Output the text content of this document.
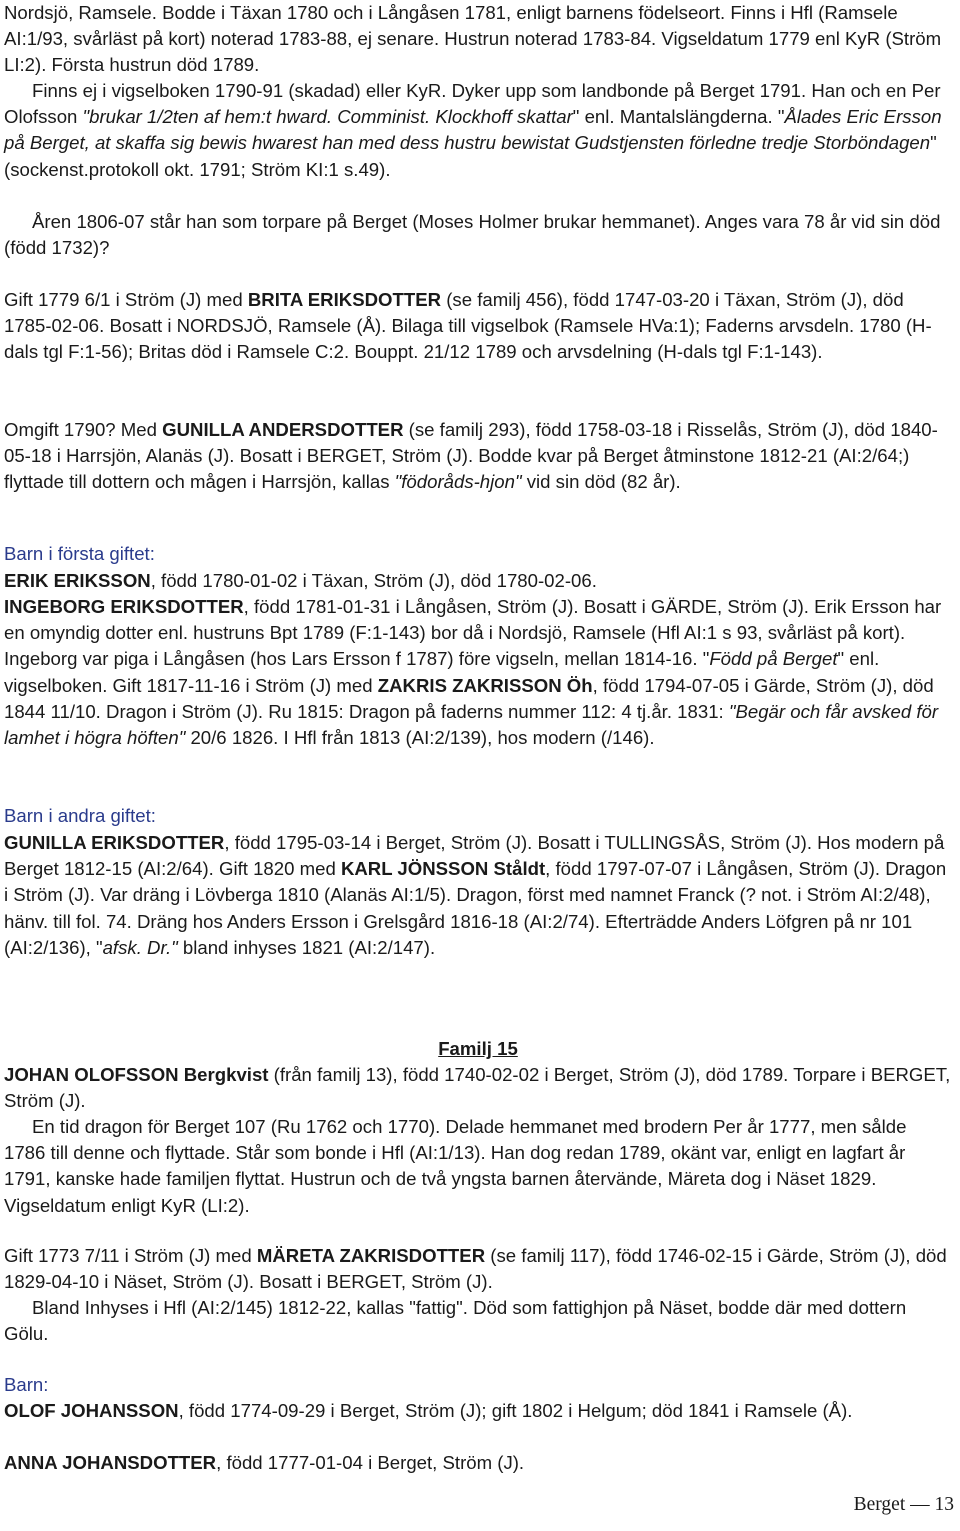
Nordsjö, Ramsele. Bodde i Täxan 1780 och i Långåsen 1781, enligt barnens födelseort. Finns i Hfl (Ramsele AI:1/93, svårläst på kort) noterad 1783-88, ej senare. Hustrun noterad 1783-84. Vigseldatum 1779 enl KyR (Ström LI:2). Första hustrun död 1789.

Finns ej i vigselboken 1790-91 (skadad) eller KyR. Dyker upp som landbonde på Berget 1791. Han och en Per Olofsson "brukar 1/2ten af hem:t hward. Comminist. Klockhoff skattar" enl. Mantalslängderna. "Ålades Eric Ersson på Berget, at skaffa sig bewis hwarest han med dess hustru bewistat Gudstjensten förledne tredje Storböndagen" (sockenst.protokoll okt. 1791; Ström KI:1 s.49).

Åren 1806-07 står han som torpare på Berget (Moses Holmer brukar hemmanet). Anges vara 78 år vid sin död (född 1732)?

Gift 1779 6/1 i Ström (J) med BRITA ERIKSDOTTER (se familj 456), född 1747-03-20 i Täxan, Ström (J), död 1785-02-06. Bosatt i NORDSJÖ, Ramsele (Å). Bilaga till vigselbok (Ramsele HVa:1); Faderns arvsdeln. 1780 (H-dals tgl F:1-56); Britas död i Ramsele C:2. Bouppt. 21/12 1789 och arvsdelning (H-dals tgl F:1-143).

Omgift 1790? Med GUNILLA ANDERSDOTTER (se familj 293), född 1758-03-18 i Risselås, Ström (J), död 1840-05-18 i Harrsjön, Alanäs (J). Bosatt i BERGET, Ström (J). Bodde kvar på Berget åtminstone 1812-21 (AI:2/64;) flyttade till dottern och mågen i Harrsjön, kallas "födoråds-hjon" vid sin död (82 år).

Barn i första giftet:

ERIK ERIKSSON, född 1780-01-02 i Täxan, Ström (J), död 1780-02-06.

INGEBORG ERIKSDOTTER, född 1781-01-31 i Långåsen, Ström (J). Bosatt i GÄRDE, Ström (J). Erik Ersson har en omyndig dotter enl. hustruns Bpt 1789 (F:1-143) bor då i Nordsjö, Ramsele (Hfl AI:1 s 93, svårläst på kort). Ingeborg var piga i Långåsen (hos Lars Ersson f 1787) före vigseln, mellan 1814-16. "Född på Berget" enl. vigselboken. Gift 1817-11-16 i Ström (J) med ZAKRIS ZAKRISSON Öh, född 1794-07-05 i Gärde, Ström (J), död 1844 11/10. Dragon i Ström (J). Ru 1815: Dragon på faderns nummer 112: 4 tj.år. 1831: "Begär och får avsked för lamhet i högra höften" 20/6 1826. I Hfl från 1813 (AI:2/139), hos modern (/146).

Barn i andra giftet:

GUNILLA ERIKSDOTTER, född 1795-03-14 i Berget, Ström (J). Bosatt i TULLINGSÅS, Ström (J). Hos modern på Berget 1812-15 (AI:2/64). Gift 1820 med KARL JÖNSSON Ståldt, född 1797-07-07 i Långåsen, Ström (J). Dragon i Ström (J). Var dräng i Lövberga 1810 (Alanäs AI:1/5). Dragon, först med namnet Franck (? not. i Ström AI:2/48), hänv. till fol. 74. Dräng hos Anders Ersson i Grelsgård 1816-18 (AI:2/74). Efterträdde Anders Löfgren på nr 101 (AI:2/136), "afsk. Dr." bland inhyses 1821 (AI:2/147).

Familj 15

JOHAN OLOFSSON Bergkvist (från familj 13), född 1740-02-02 i Berget, Ström (J), död 1789. Torpare i BERGET, Ström (J).

En tid dragon för Berget 107 (Ru 1762 och 1770). Delade hemmanet med brodern Per år 1777, men sålde 1786 till denne och flyttade. Står som bonde i Hfl (AI:1/13). Han dog redan 1789, okänt var, enligt en lagfart år 1791, kanske hade familjen flyttat. Hustrun och de två yngsta barnen återvände, Märeta dog i Näset 1829. Vigseldatum enligt KyR (LI:2).

Gift 1773 7/11 i Ström (J) med MÄRETA ZAKRISDOTTER (se familj 117), född 1746-02-15 i Gärde, Ström (J), död 1829-04-10 i Näset, Ström (J). Bosatt i BERGET, Ström (J).

Bland Inhyses i Hfl (AI:2/145) 1812-22, kallas "fattig". Död som fattighjon på Näset, bodde där med dottern Gölu.

Barn:

OLOF JOHANSSON, född 1774-09-29 i Berget, Ström (J); gift 1802 i Helgum; död 1841 i Ramsele (Å).

ANNA JOHANSDOTTER, född 1777-01-04 i Berget, Ström (J).

Berget — 13
